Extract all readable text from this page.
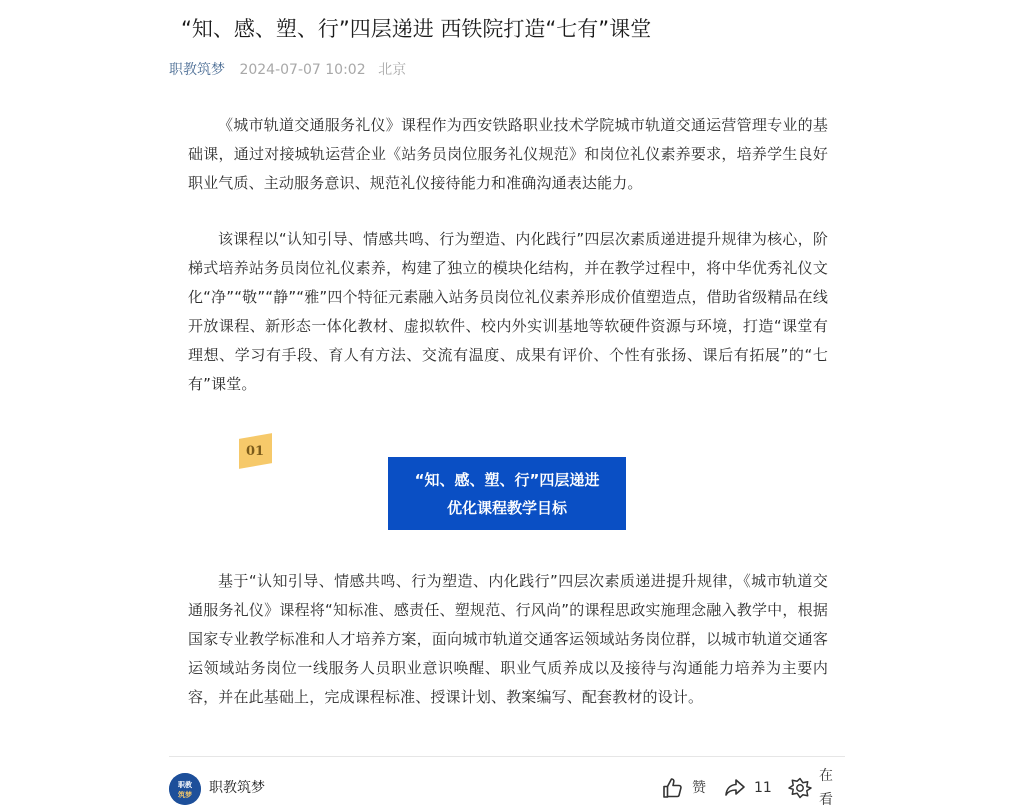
“知、感、塑、行”四层递进 西铁院打造“七有”课堂
职教筑梦 2024-07-07 10:02 北京

《城市轨道交通服务礼仪》课程作为西安铁路职业技术学院城市轨道交通运营管理专业的基础课，通过对接城轨运营企业《站务员岗位服务礼仪规范》和岗位礼仪素养要求，培养学生良好职业气质、主动服务意识、规范礼仪接待能力和准确沟通表达能力。

该课程以“认知引导、情感共鸣、行为塑造、内化践行”四层次素质递进提升规律为核心，阶梯式培养站务员岗位礼仪素养，构建了独立的模块化结构，并在教学过程中，将中华优秀礼仪文化“净”“敬”“静”“雅”四个特征元素融入站务员岗位礼仪素养形成价值塑造点，借助省级精品在线开放课程、新形态一体化教材、虚拟软件、校内外实训基地等软硬件资源与环境，打造“课堂有理想、学习有手段、育人有方法、交流有温度、成果有评价、个性有张扬、课后有拓展”的“七有”课堂。

01
“知、感、塑、行”四层递进
优化课程教学目标

基于“认知引导、情感共鸣、行为塑造、内化践行”四层次素质递进提升规律，《城市轨道交通服务礼仪》课程将“知标准、感责任、塑规范、行风尚”的课程思政实施理念融入教学中，根据国家专业教学标准和人才培养方案，面向城市轨道交通客运领域站务岗位群，以城市轨道交通客运领域站务岗位一线服务人员职业意识唤醒、职业气质养成以及接待与沟通能力培养为主要内容，并在此基础上，完成课程标准、授课计划、教案编写、配套教材的设计。

职教
筑梦 职教筑梦	赞	11
在看
